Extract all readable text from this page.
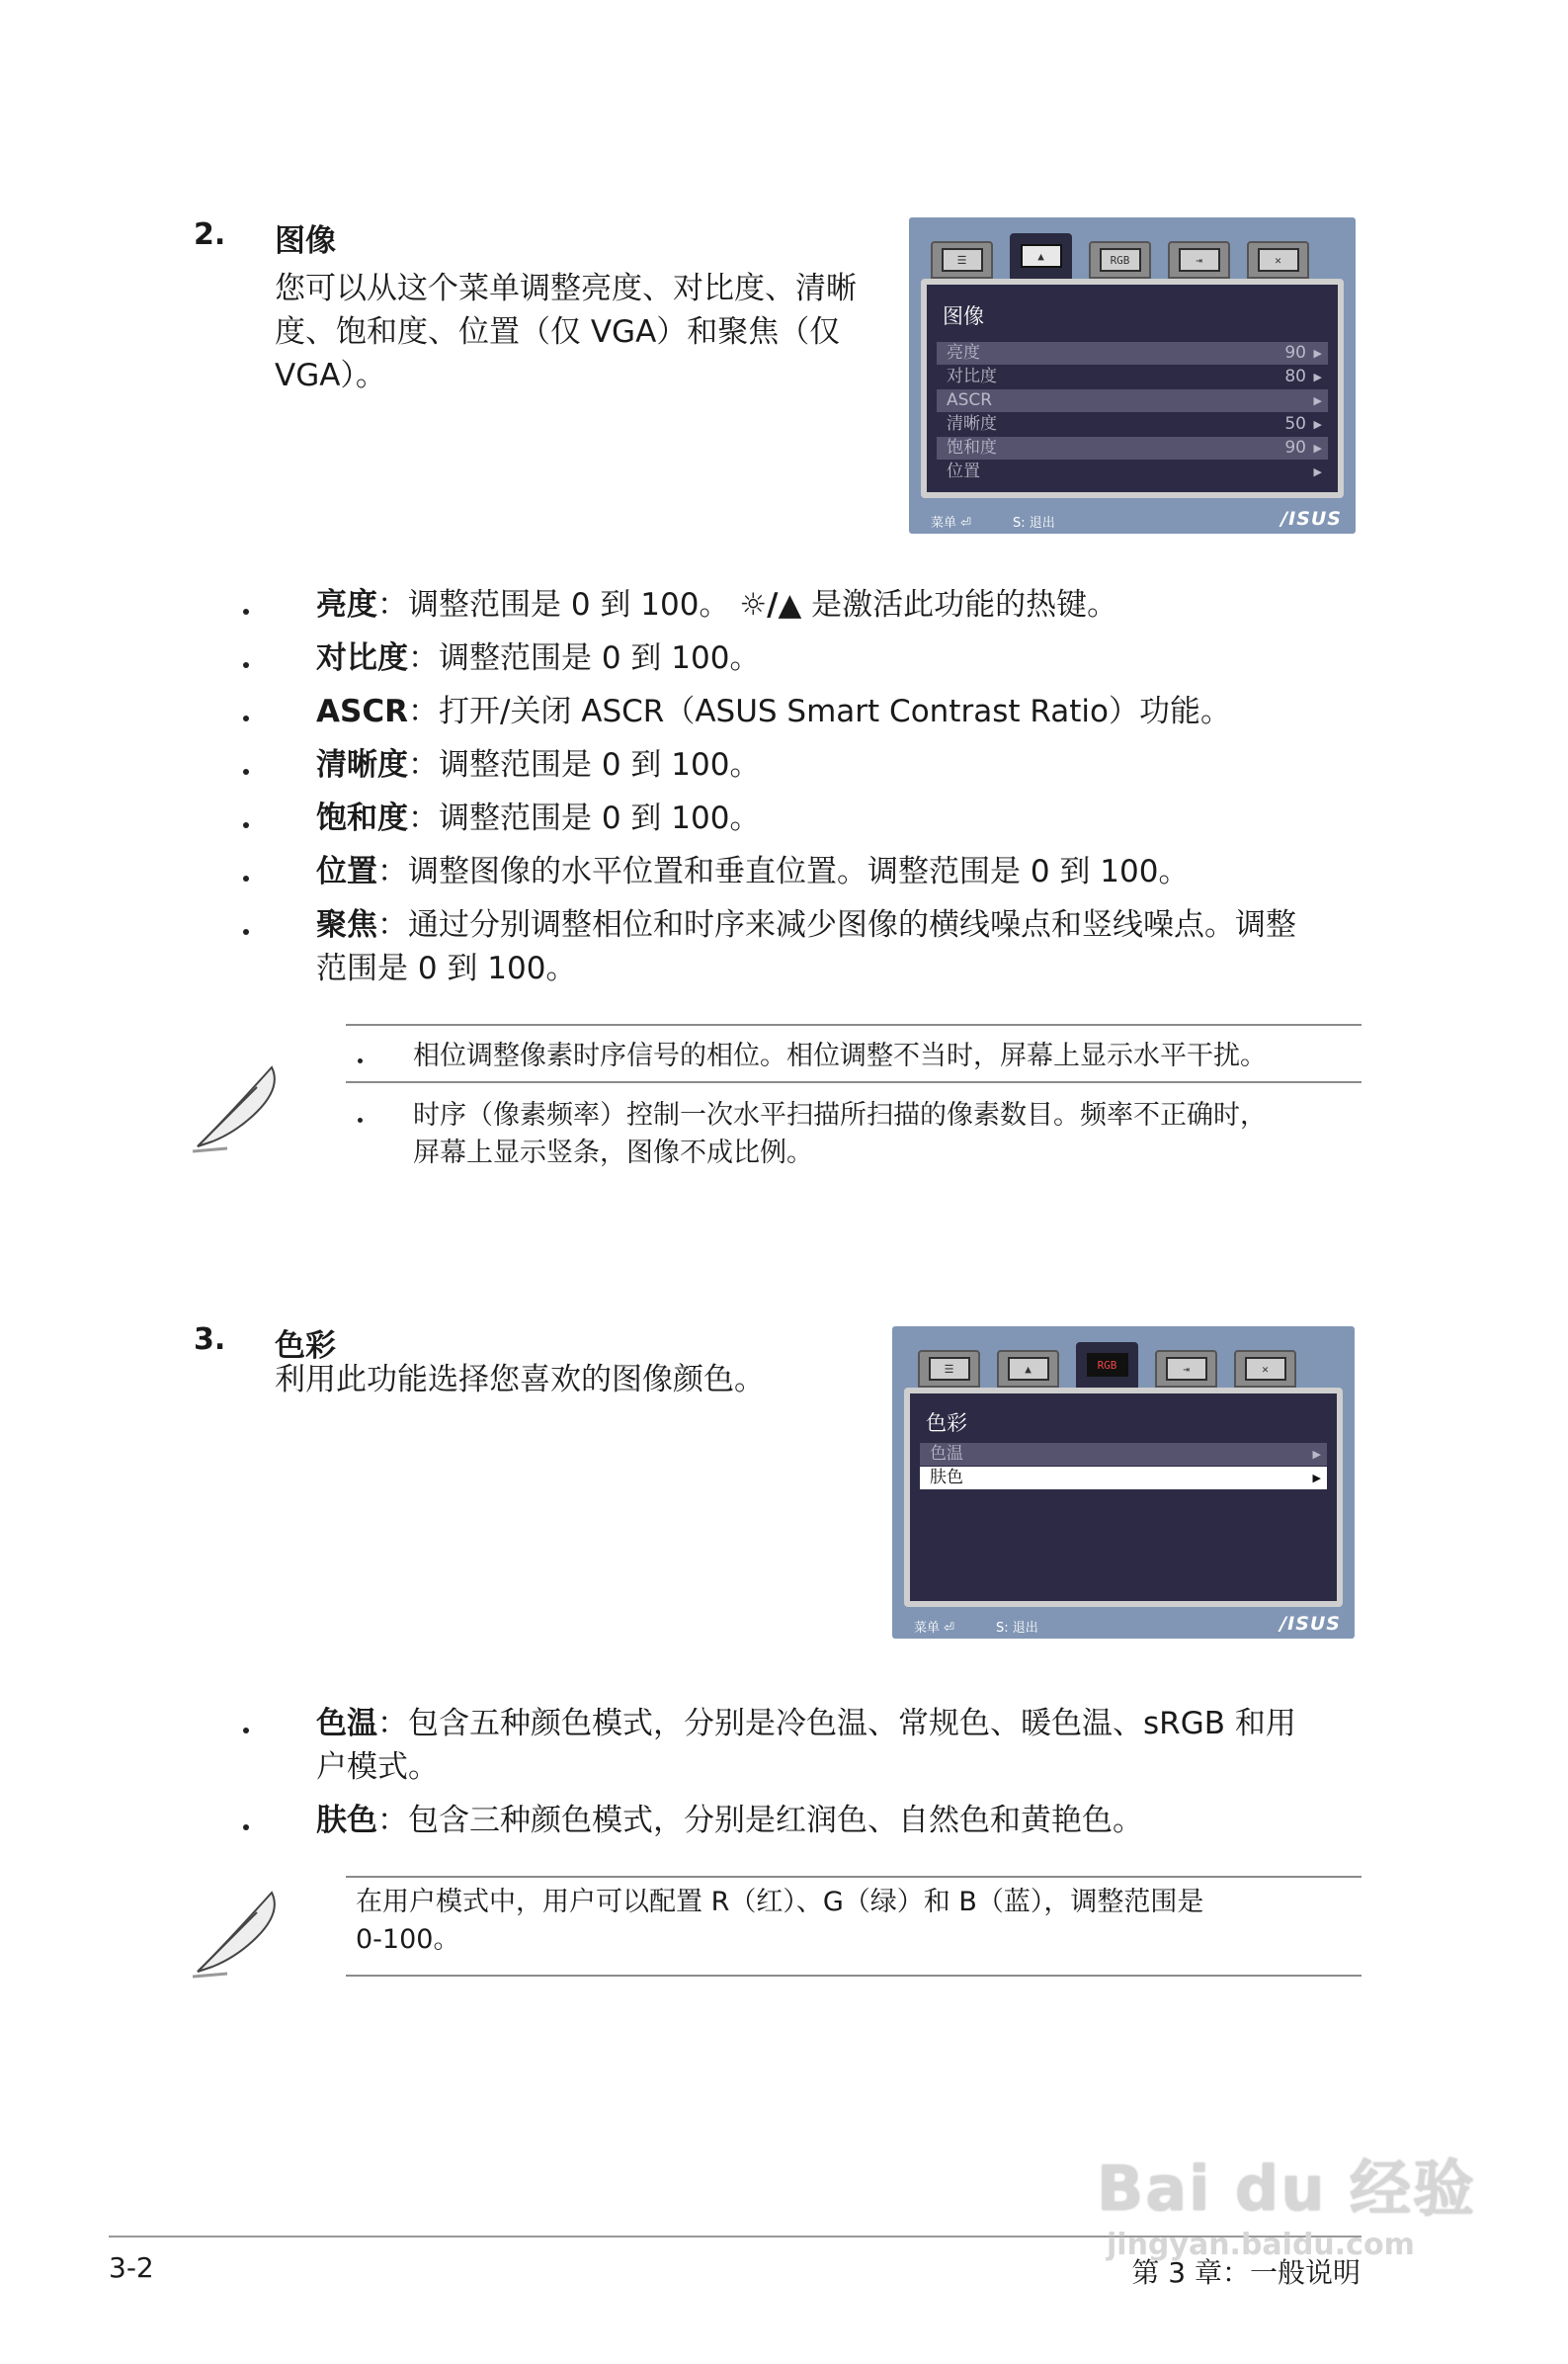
2. 图像
您可以从这个菜单调整亮度、对比度、清晰
度、饱和度、位置（仅 VGA）和聚焦（仅
VGA）。
☰	▲	RGB	⇥	✕
图像
亮度	90 ▶
对比度	80 ▶
ASCR	▶
清晰度	50 ▶
饱和度	90 ▶
位置	▶
菜单 ⏎	S: 退出	/ISUS
亮度：调整范围是 0 到 100。 ☼/▲ 是激活此功能的热键。
对比度：调整范围是 0 到 100。
ASCR：打开/关闭 ASCR（ASUS Smart Contrast Ratio）功能。
清晰度：调整范围是 0 到 100。
饱和度：调整范围是 0 到 100。
位置：调整图像的水平位置和垂直位置。调整范围是 0 到 100。
聚焦：通过分别调整相位和时序来减少图像的横线噪点和竖线噪点。调整
范围是 0 到 100。
相位调整像素时序信号的相位。相位调整不当时，屏幕上显示水平干扰。
时序（像素频率）控制一次水平扫描所扫描的像素数目。频率不正确时，
屏幕上显示竖条，图像不成比例。
3. 色彩
利用此功能选择您喜欢的图像颜色。	☰	▲	RGB	⇥	✕
色彩
色温	▶
肤色	▶
菜单 ⏎	S: 退出	/ISUS
色温：包含五种颜色模式，分别是冷色温、常规色、暖色温、sRGB 和用
户模式。
肤色：包含三种颜色模式，分别是红润色、自然色和黄艳色。
在用户模式中，用户可以配置 R（红）、G（绿）和 B（蓝），调整范围是
0-100。
3-2	第 3 章：一般说明
Bai du 经验
jingyan.baidu.com
